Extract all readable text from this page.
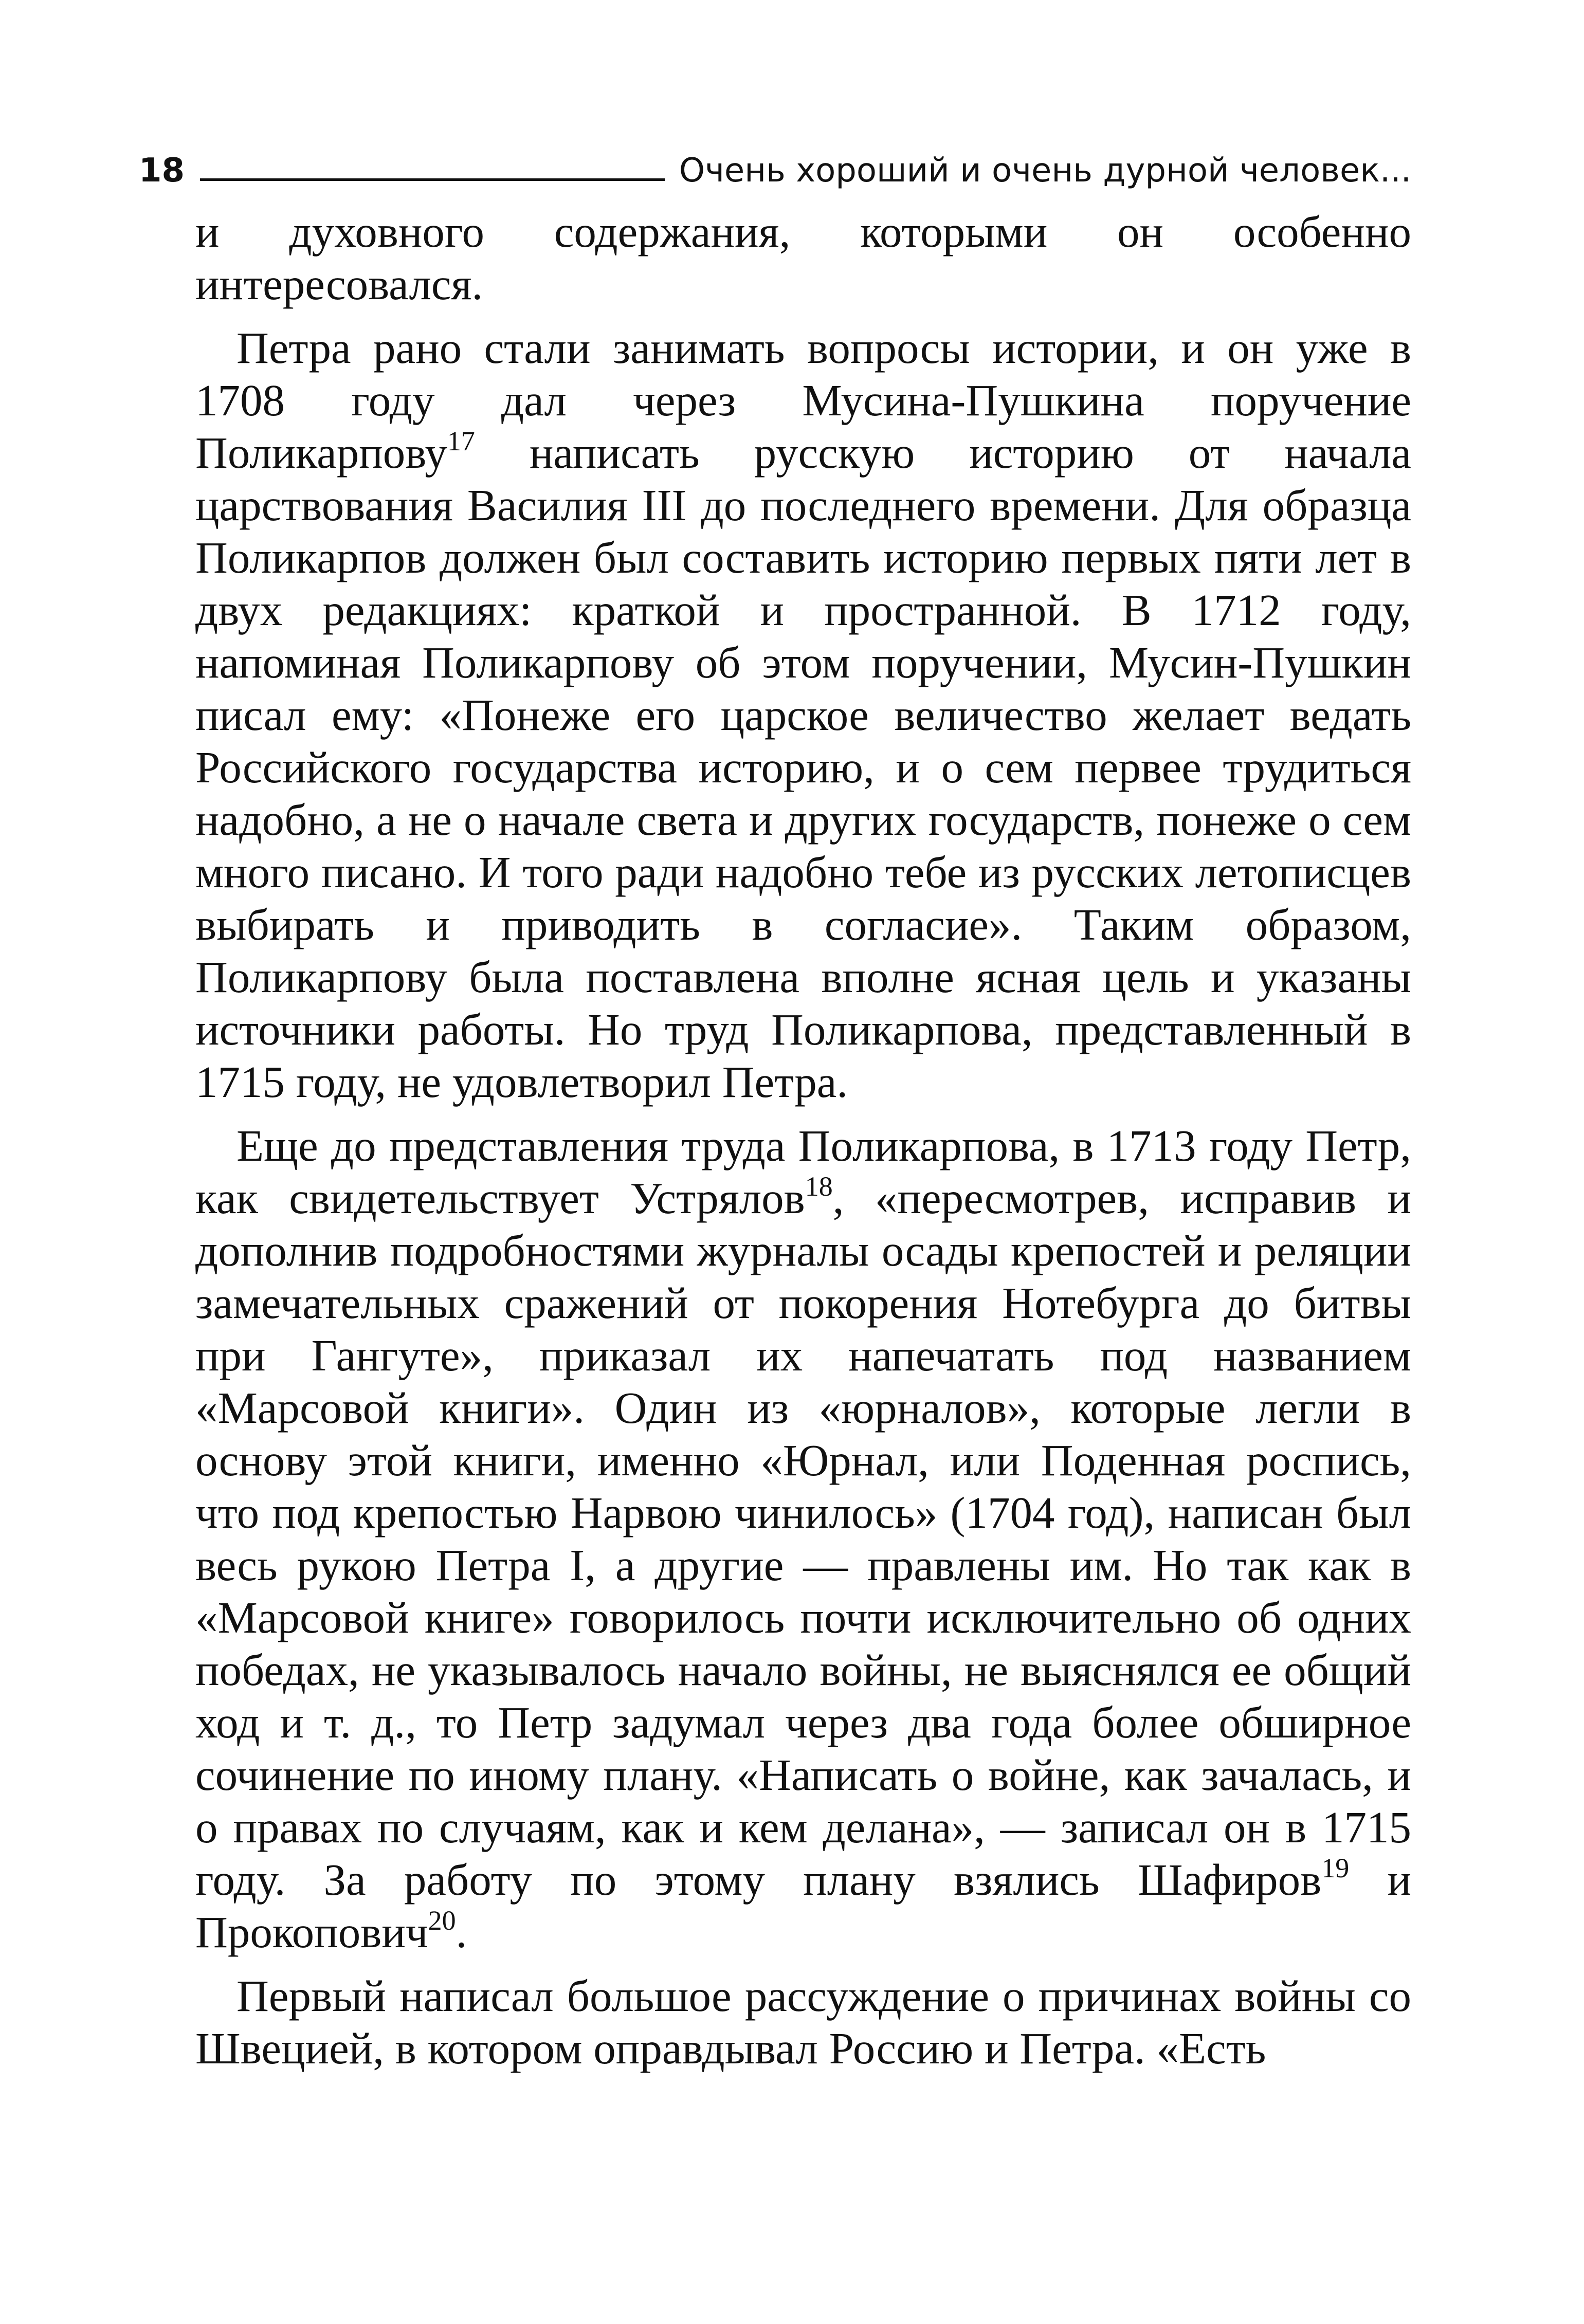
18	Очень хороший и очень дурной человек...

и духовного содержания, которыми он особенно интересовался.

Петра рано стали занимать вопросы истории, и он уже в 1708 году дал через Мусина-Пушкина поручение Поликарпову$^{17}$ написать русскую историю от начала царствования Василия III до последнего времени. Для образца Поликарпов должен был составить историю первых пяти лет в двух редакциях: краткой и пространной. В 1712 году, напоминая Поликарпову об этом поручении, Мусин-Пушкин писал ему: «Понеже его царское величество желает ведать Российского государства историю, и о сем первее трудиться надобно, а не о начале света и других государств, понеже о сем много писано. И того ради надобно тебе из русских летописцев выбирать и приводить в согласие». Таким образом, Поликарпову была поставлена вполне ясная цель и указаны источники работы. Но труд Поликарпова, представленный в 1715 году, не удовлетворил Петра.

Еще до представления труда Поликарпова, в 1713 году Петр, как свидетельствует Устрялов$^{18}$, «пересмотрев, исправив и дополнив подробностями журналы осады крепостей и реляции замечательных сражений от покорения Нотебурга до битвы при Гангуте», приказал их напечатать под названием «Марсовой книги». Один из «юрналов», которые легли в основу этой книги, именно «Юрнал, или Поденная роспись, что под крепостью Нарвою чинилось» (1704 год), написан был весь рукою Петра I, а другие — правлены им. Но так как в «Марсовой книге» говорилось почти исключительно об одних победах, не указывалось начало войны, не выяснялся ее общий ход и т. д., то Петр задумал через два года более обширное сочинение по иному плану. «Написать о войне, как зачалась, и о правах по случаям, как и кем делана», — записал он в 1715 году. За работу по этому плану взялись Шафиров$^{19}$ и Прокопович$^{20}$.

Первый написал большое рассуждение о причинах войны со Швецией, в котором оправдывал Россию и Петра. «Есть
